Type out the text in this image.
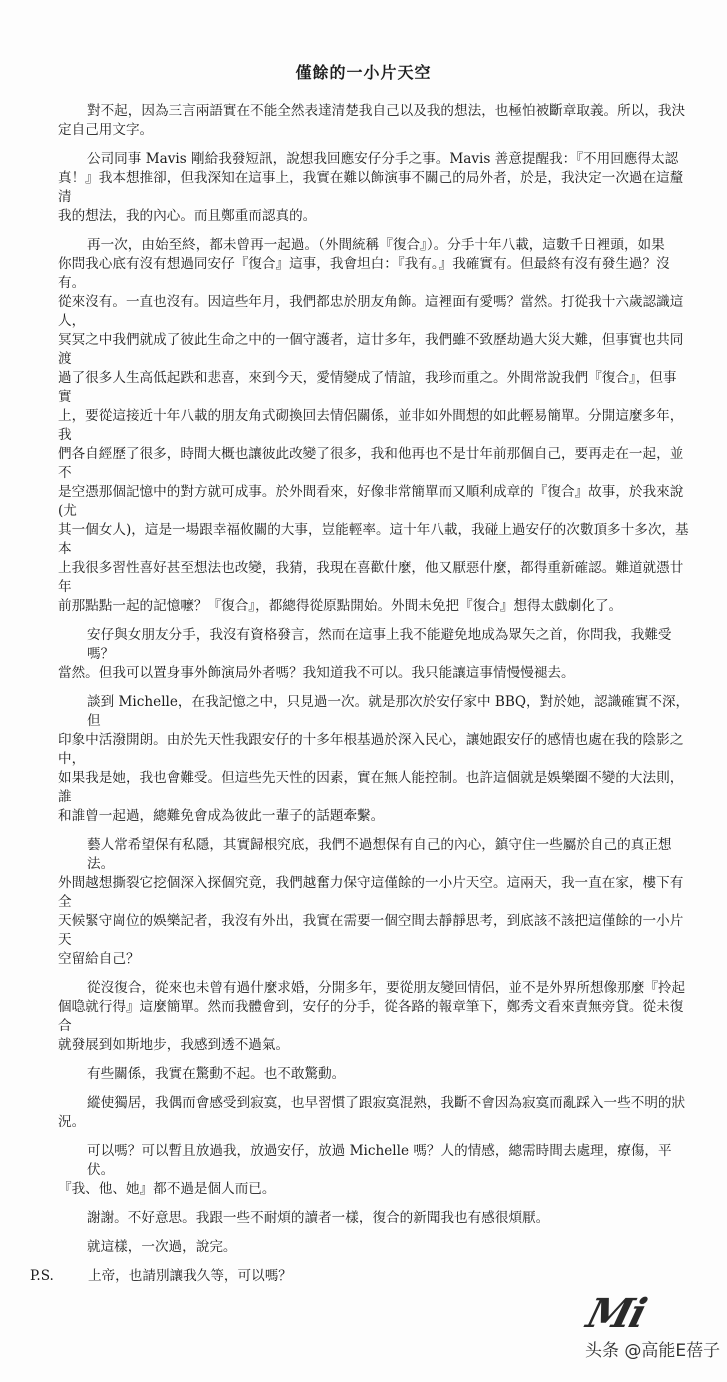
僅餘的一小片天空
對不起，因為三言兩語實在不能全然表達清楚我自己以及我的想法，也極怕被斷章取義。所以，我決
定自己用文字。
公司同事 Mavis 剛給我發短訊，說想我回應安仔分手之事。Mavis 善意提醒我：『不用回應得太認
真！』我本想推卻，但我深知在這事上，我實在難以飾演事不關己的局外者，於是，我決定一次過在這釐清
我的想法，我的內心。而且鄭重而認真的。
再一次，由始至終，都未曾再一起過。（外間統稱『復合』）。分手十年八載，這數千日裡頭，如果
你問我心底有沒有想過同安仔『復合』這事，我會坦白：『我有。』我確實有。但最終有沒有發生過？沒有。
從來沒有。一直也沒有。因這些年月，我們都忠於朋友角飾。這裡面有愛嗎？當然。打從我十六歲認識這人，
冥冥之中我們就成了彼此生命之中的一個守護者，這廿多年，我們雖不致歷劫過大災大難，但事實也共同渡
過了很多人生高低起跌和悲喜，來到今天，愛情變成了情誼，我珍而重之。外間常說我們『復合』，但事實
上，要從這接近十年八載的朋友角式砌換回去情侶關係，並非如外間想的如此輕易簡單。分開這麼多年，我
們各自經歷了很多，時間大概也讓彼此改變了很多，我和他再也不是廿年前那個自己，要再走在一起，並不
是空憑那個記憶中的對方就可成事。於外間看來，好像非常簡單而又順利成章的『復合』故事，於我來說(尤
其一個女人)，這是一場跟幸福攸關的大事，豈能輕率。這十年八載，我碰上過安仔的次數頂多十多次，基本
上我很多習性喜好甚至想法也改變，我猜，我現在喜歡什麼，他又厭惡什麼，都得重新確認。難道就憑廿年
前那點點一起的記憶嚒？『復合』，都總得從原點開始。外間未免把『復合』想得太戲劇化了。
安仔與女朋友分手，我沒有資格發言，然而在這事上我不能避免地成為眾矢之首，你問我，我難受嗎？
當然。但我可以置身事外飾演局外者嗎？我知道我不可以。我只能讓這事情慢慢褪去。
談到 Michelle，在我記憶之中，只見過一次。就是那次於安仔家中 BBQ，對於她，認識確實不深，但
印象中活潑開朗。由於先天性我跟安仔的十多年根基過於深入民心，讓她跟安仔的感情也處在我的陰影之中，
如果我是她，我也會難受。但這些先天性的因素，實在無人能控制。也許這個就是娛樂圈不變的大法則，誰
和誰曾一起過，總難免會成為彼此一輩子的話題牽繫。
藝人常希望保有私隱，其實歸根究底，我們不過想保有自己的內心，鎮守住一些屬於自己的真正想法。
外間越想撕裂它挖個深入探個究竟，我們越奮力保守這僅餘的一小片天空。這兩天，我一直在家，樓下有全
天候緊守崗位的娛樂記者，我沒有外出，我實在需要一個空間去靜靜思考，到底該不該把這僅餘的一小片天
空留給自己？
從沒復合，從來也未曾有過什麼求婚，分開多年，要從朋友變回情侶，並不是外界所想像那麼『拎起
個喼就行得』這麼簡單。然而我體會到，安仔的分手，從各路的報章筆下，鄭秀文看來責無旁貸。從未復合
就發展到如斯地步，我感到透不過氣。
有些關係，我實在驚動不起。也不敢驚動。
縱使獨居，我偶而會感受到寂寞，也早習慣了跟寂寞混熟，我斷不會因為寂寞而亂踩入一些不明的狀
況。
可以嗎？可以暫且放過我，放過安仔，放過 Michelle 嗎？人的情感，總需時間去處理，療傷，平伏。
『我、他、她』都不過是個人而已。
謝謝。不好意思。我跟一些不耐煩的讀者一樣，復合的新聞我也有感很煩厭。
就這樣，一次過，說完。
P.S.	上帝，也請別讓我久等，可以嗎？
Mi
头条 @高能E蓓子
